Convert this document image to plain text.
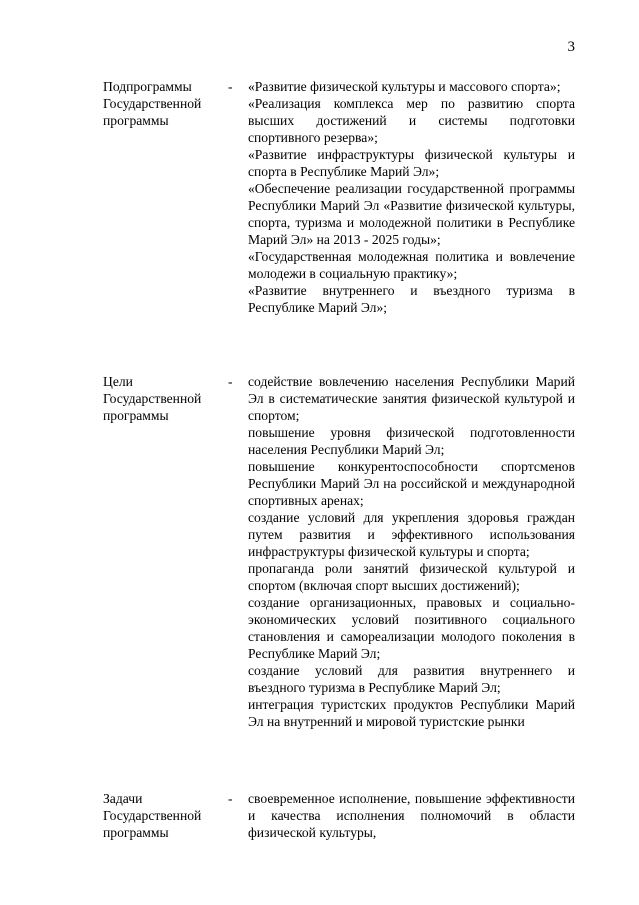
3
Подпрограммы
Государственной
программы
- «Развитие физической культуры и массового спорта»;

«Реализация комплекса мер по развитию спорта высших достижений и системы подготовки спортивного резерва»;

«Развитие инфраструктуры физической культуры и спорта в Республике Марий Эл»;

«Обеспечение реализации государственной программы Республики Марий Эл «Развитие физической культуры, спорта, туризма и молодежной политики в Республике Марий Эл» на 2013 - 2025 годы»;

«Государственная молодежная политика и вовлечение молодежи в социальную практику»;

«Развитие внутреннего и въездного туризма в Республике Марий Эл»;

Цели
Государственной
программы
- содействие вовлечению населения Республики Марий Эл в систематические занятия физической культурой и спортом;

повышение уровня физической подготовленности населения Республики Марий Эл;

повышение конкурентоспособности спортсменов Республики Марий Эл на российской и международной спортивных аренах;

создание условий для укрепления здоровья граждан путем развития и эффективного использования инфраструктуры физической культуры и спорта;

пропаганда роли занятий физической культурой и спортом (включая спорт высших достижений);

создание организационных, правовых и социально-экономических условий позитивного социального становления и самореализации молодого поколения в Республике Марий Эл;

создание условий для развития внутреннего и въездного туризма в Республике Марий Эл;

интеграция туристских продуктов Республики Марий Эл на внутренний и мировой туристские рынки

Задачи
Государственной
программы
- своевременное исполнение, повышение эффективности и качества исполнения полномочий в области физической культуры,
